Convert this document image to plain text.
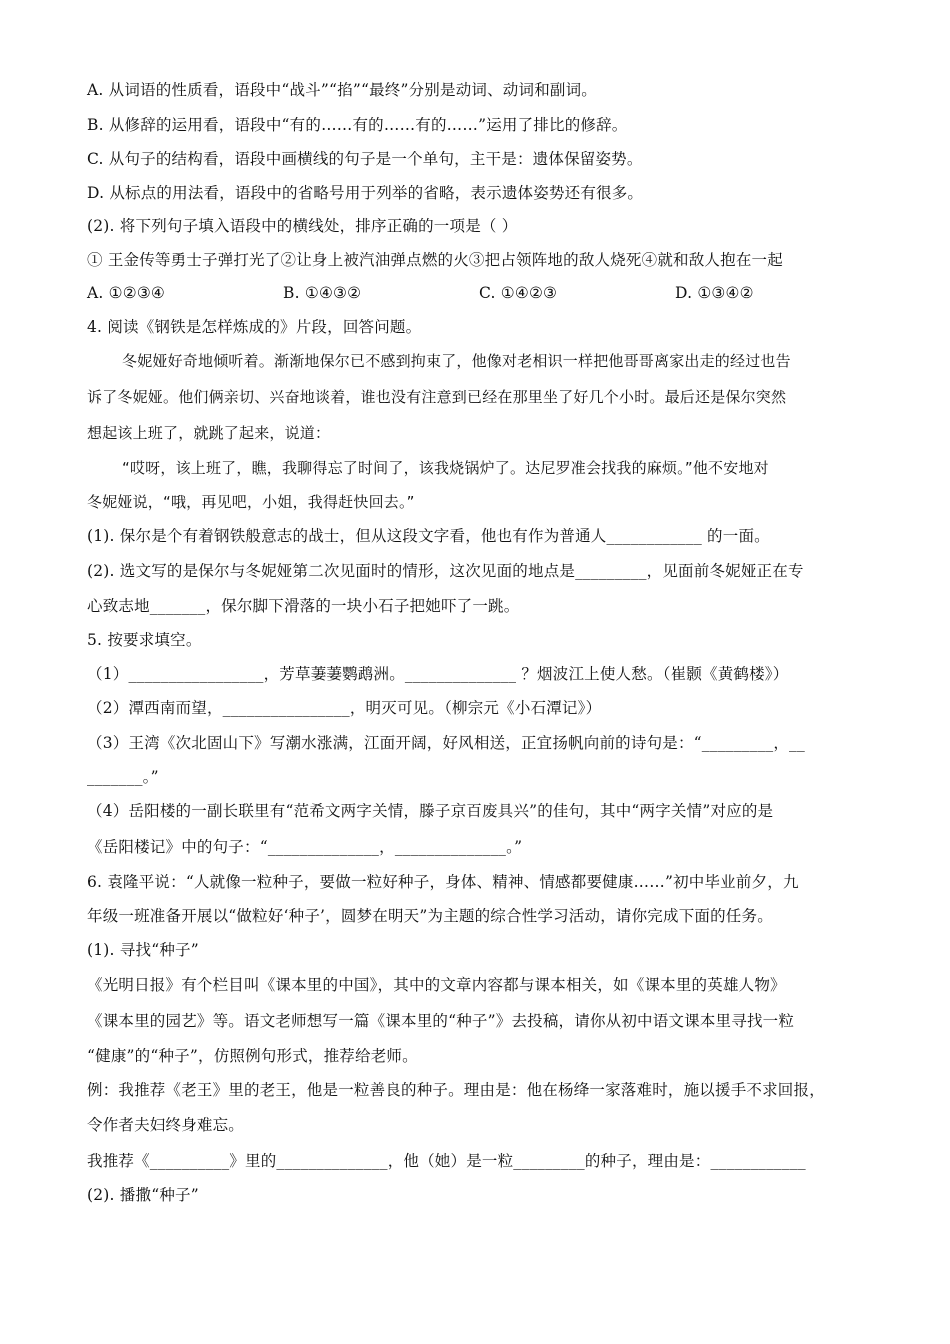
A. 从词语的性质看，语段中“战斗”“掐”“最终”分别是动词、动词和副词。
B. 从修辞的运用看，语段中“有的……有的……有的……”运用了排比的修辞。
C. 从句子的结构看，语段中画横线的句子是一个单句，主干是：遗体保留姿势。
D. 从标点的用法看，语段中的省略号用于列举的省略，表示遗体姿势还有很多。
(2). 将下列句子填入语段中的横线处，排序正确的一项是（ ）
① 王金传等勇士子弹打光了②让身上被汽油弹点燃的火③把占领阵地的敌人烧死④就和敌人抱在一起
A. ①②③④	B. ①④③②	C. ①④②③	D. ①③④②
4. 阅读《钢铁是怎样炼成的》片段，回答问题。
冬妮娅好奇地倾听着。渐渐地保尔已不感到拘束了，他像对老相识一样把他哥哥离家出走的经过也告
诉了冬妮娅。他们俩亲切、兴奋地谈着，谁也没有注意到已经在那里坐了好几个小时。最后还是保尔突然
想起该上班了，就跳了起来，说道：
“哎呀，该上班了，瞧，我聊得忘了时间了，该我烧锅炉了。达尼罗准会找我的麻烦。”他不安地对
冬妮娅说，“哦，再见吧，小姐，我得赶快回去。”
(1). 保尔是个有着钢铁般意志的战士，但从这段文字看，他也有作为普通人____________ 的一面。
(2). 选文写的是保尔与冬妮娅第二次见面时的情形，这次见面的地点是_________，见面前冬妮娅正在专
心致志地_______，保尔脚下滑落的一块小石子把她吓了一跳。
5. 按要求填空。
（1）_________________，芳草萋萋鹦鹉洲。______________ ？烟波江上使人愁。（崔颢《黄鹤楼》）
（2）潭西南而望，________________，明灭可见。（柳宗元《小石潭记》）
（3）王湾《次北固山下》写潮水涨满，江面开阔，好风相送，正宜扬帆向前的诗句是：“_________，__
_______。”
（4）岳阳楼的一副长联里有“范希文两字关情，滕子京百废具兴”的佳句，其中“两字关情”对应的是
《岳阳楼记》中的句子：“______________，______________。”
6. 袁隆平说：“人就像一粒种子，要做一粒好种子，身体、精神、情感都要健康……”初中毕业前夕，九
年级一班准备开展以“做粒好‘种子’，圆梦在明天”为主题的综合性学习活动，请你完成下面的任务。
(1). 寻找“种子”
《光明日报》有个栏目叫《课本里的中国》，其中的文章内容都与课本相关，如《课本里的英雄人物》
《课本里的园艺》等。语文老师想写一篇《课本里的“种子”》去投稿，请你从初中语文课本里寻找一粒
“健康”的“种子”，仿照例句形式，推荐给老师。
例：我推荐《老王》里的老王，他是一粒善良的种子。理由是：他在杨绛一家落难时，施以援手不求回报，
令作者夫妇终身难忘。
我推荐《__________》里的______________，他（她）是一粒_________的种子，理由是：____________
(2). 播撒“种子”
